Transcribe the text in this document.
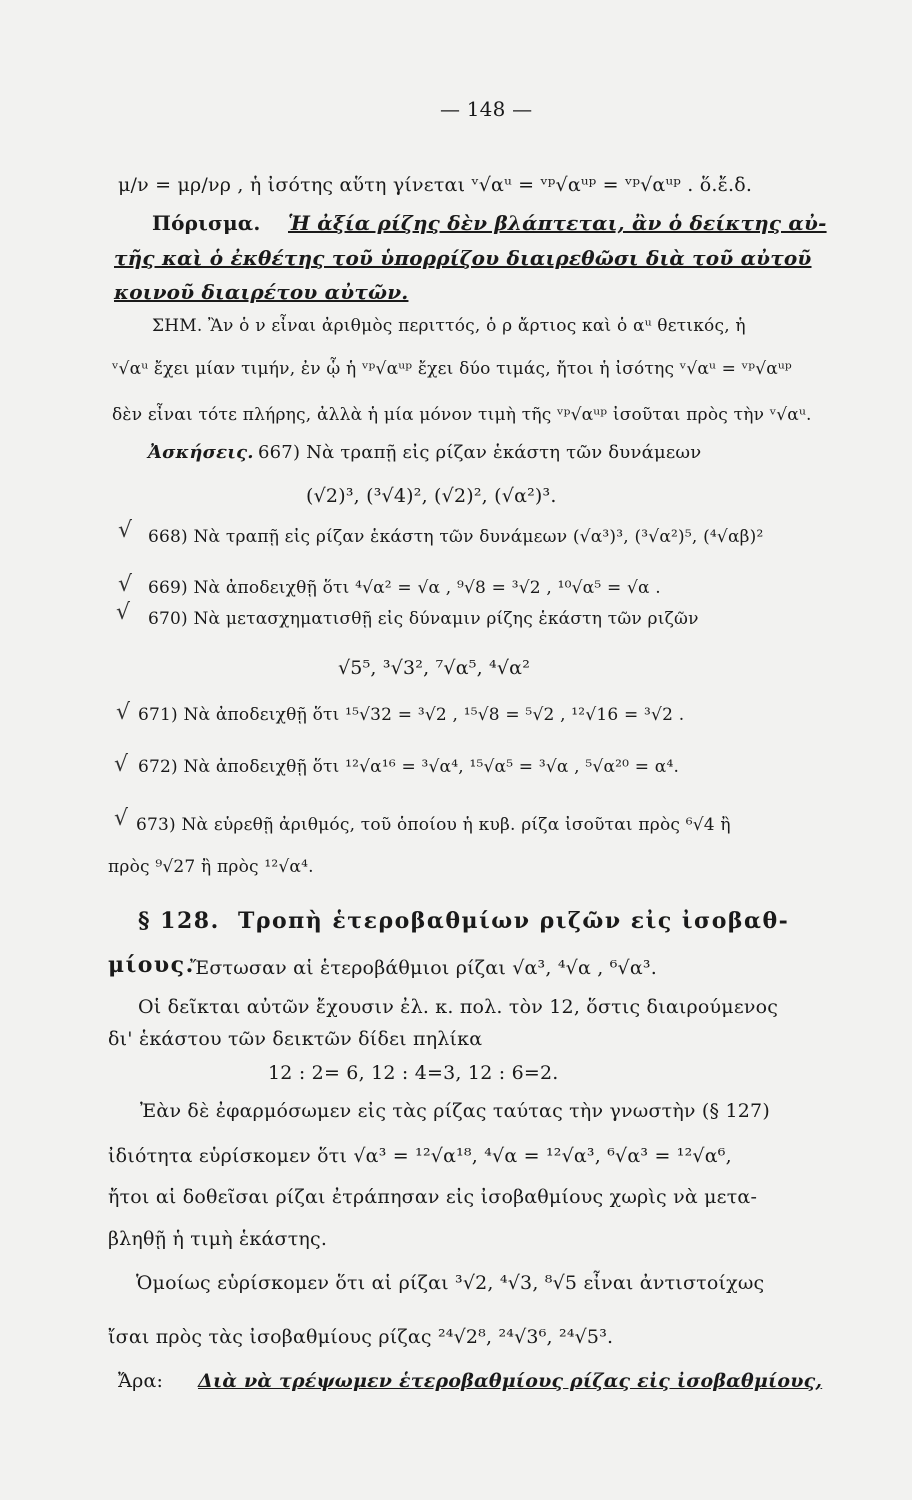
— 148 —
μ/ν = μρ/νρ , ἡ ἰσότης αὕτη γίνεται ᵛ√αᵘ = ᵛᵖ√αᵘᵖ = ᵛᵖ√αᵘᵖ . ὅ.ἔ.δ.
Πόρισμα. Ἡ ἀξία ρίζης δὲν βλάπτεται, ἂν ὁ δείκτης αὐ-
τῆς καὶ ὁ ἐκθέτης τοῦ ὑπορρίζου διαιρεθῶσι διὰ τοῦ αὐτοῦ
κοινοῦ διαιρέτου αὐτῶν.
ΣΗΜ. Ἂν ὁ ν εἶναι ἀριθμὸς περιττός, ὁ ρ ἄρτιος καὶ ὁ αᵘ θετικός, ἡ
ᵛ√αᵘ ἔχει μίαν τιμήν, ἐν ᾧ ἡ ᵛᵖ√αᵘᵖ ἔχει δύο τιμάς, ἤτοι ἡ ἰσότης ᵛ√αᵘ = ᵛᵖ√αᵘᵖ
δὲν εἶναι τότε πλήρης, ἀλλὰ ἡ μία μόνον τιμὴ τῆς ᵛᵖ√αᵘᵖ ἰσοῦται πρὸς τὴν ᵛ√αᵘ.
Ἀσκήσεις. 667) Νὰ τραπῇ εἰς ρίζαν ἑκάστη τῶν δυνάμεων
(√2)³, (³√4)², (√2)², (√α²)³.
√ 668) Νὰ τραπῇ εἰς ρίζαν ἑκάστη τῶν δυνάμεων (√α³)³, (³√α²)⁵, (⁴√αβ)²
√ 669) Νὰ ἀποδειχθῇ ὅτι ⁴√α² = √α , ⁹√8 = ³√2 , ¹⁰√α⁵ = √α .
√ 670) Νὰ μετασχηματισθῇ εἰς δύναμιν ρίζης ἑκάστη τῶν ριζῶν
√5⁵, ³√3², ⁷√α⁵, ⁴√α²
√ 671) Νὰ ἀποδειχθῇ ὅτι ¹⁵√32 = ³√2 , ¹⁵√8 = ⁵√2 , ¹²√16 = ³√2 .
√ 672) Νὰ ἀποδειχθῇ ὅτι ¹²√α¹⁶ = ³√α⁴, ¹⁵√α⁵ = ³√α , ⁵√α²⁰ = α⁴.
√ 673) Νὰ εὑρεθῇ ἀριθμός, τοῦ ὁποίου ἡ κυβ. ρίζα ἰσοῦται πρὸς ⁶√4 ἢ
πρὸς ⁹√27 ἢ πρὸς ¹²√α⁴.
§ 128. Τροπὴ ἑτεροβαθμίων ριζῶν εἰς ἰσοβαθ-
μίους.
Ἔστωσαν αἱ ἑτεροβάθμιοι ρίζαι √α³, ⁴√α , ⁶√α³.
Οἱ δεῖκται αὐτῶν ἔχουσιν ἐλ. κ. πολ. τὸν 12, ὅστις διαιρούμενος
δι' ἑκάστου τῶν δεικτῶν δίδει πηλίκα
12 : 2= 6, 12 : 4=3, 12 : 6=2.
Ἐὰν δὲ ἐφαρμόσωμεν εἰς τὰς ρίζας ταύτας τὴν γνωστὴν (§ 127)
ἰδιότητα εὑρίσκομεν ὅτι √α³ = ¹²√α¹⁸, ⁴√α = ¹²√α³, ⁶√α³ = ¹²√α⁶,
ἤτοι αἱ δοθεῖσαι ρίζαι ἐτράπησαν εἰς ἰσοβαθμίους χωρὶς νὰ μετα-
βληθῇ ἡ τιμὴ ἑκάστης.
Ὁμοίως εὑρίσκομεν ὅτι αἱ ρίζαι ³√2, ⁴√3, ⁸√5 εἶναι ἀντιστοίχως
ἴσαι πρὸς τὰς ἰσοβαθμίους ρίζας ²⁴√2⁸, ²⁴√3⁶, ²⁴√5³.
Ἄρα: Διὰ νὰ τρέψωμεν ἑτεροβαθμίους ρίζας εἰς ἰσοβαθμίους,
